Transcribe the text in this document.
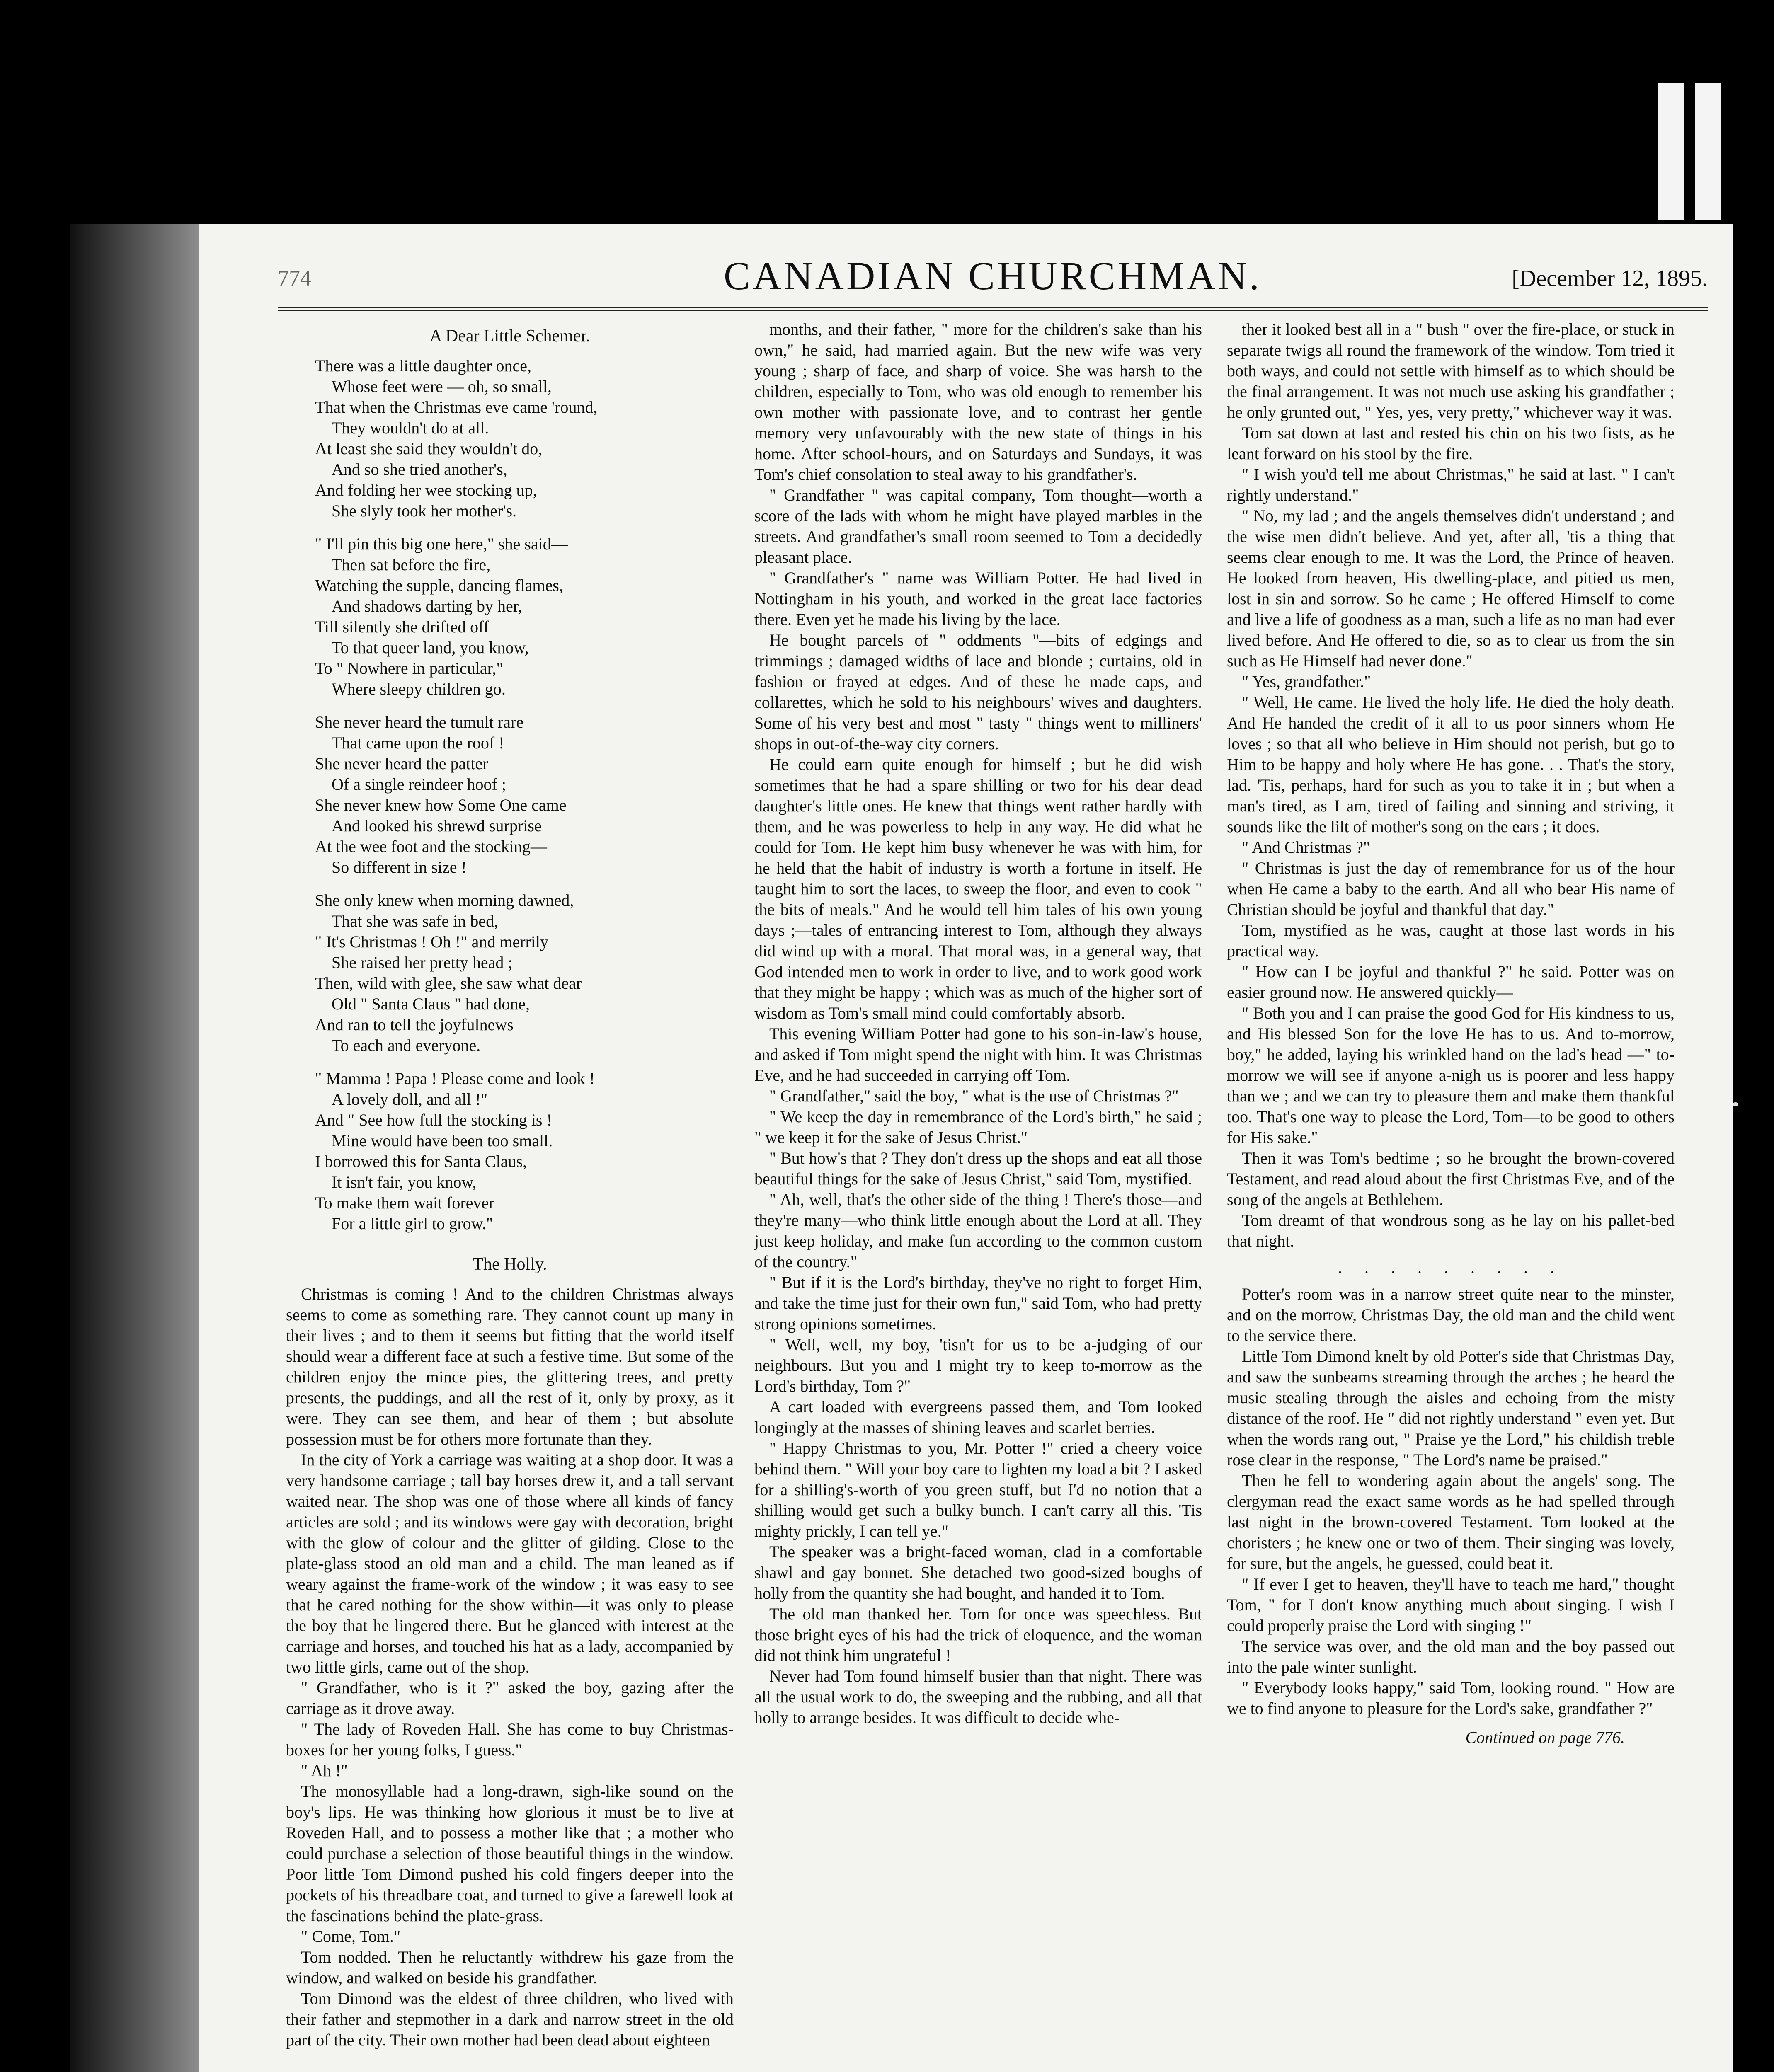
774	CANADIAN CHURCHMAN.	[December 12, 1895.
A Dear Little Schemer.
There was a little daughter once,
Whose feet were — oh, so small,
That when the Christmas eve came 'round,
They wouldn't do at all.
At least she said they wouldn't do,
And so she tried another's,
And folding her wee stocking up,
She slyly took her mother's.
" I'll pin this big one here," she said—
Then sat before the fire,
Watching the supple, dancing flames,
And shadows darting by her,
Till silently she drifted off
To that queer land, you know,
To " Nowhere in particular,"
Where sleepy children go.
She never heard the tumult rare
That came upon the roof !
She never heard the patter
Of a single reindeer hoof ;
She never knew how Some One came
And looked his shrewd surprise
At the wee foot and the stocking—
So different in size !
She only knew when morning dawned,
That she was safe in bed,
" It's Christmas ! Oh !" and merrily
She raised her pretty head ;
Then, wild with glee, she saw what dear
Old " Santa Claus " had done,
And ran to tell the joyfulnews
To each and everyone.
" Mamma ! Papa ! Please come and look !
A lovely doll, and all !"
And " See how full the stocking is !
Mine would have been too small.
I borrowed this for Santa Claus,
It isn't fair, you know,
To make them wait forever
For a little girl to grow."
The Holly.

Christmas is coming ! And to the children Christmas always seems to come as something rare. They cannot count up many in their lives ; and to them it seems but fitting that the world itself should wear a different face at such a festive time. But some of the children enjoy the mince pies, the glittering trees, and pretty presents, the puddings, and all the rest of it, only by proxy, as it were. They can see them, and hear of them ; but absolute possession must be for others more fortunate than they.

In the city of York a carriage was waiting at a shop door. It was a very handsome carriage ; tall bay horses drew it, and a tall servant waited near. The shop was one of those where all kinds of fancy articles are sold ; and its windows were gay with decoration, bright with the glow of colour and the glitter of gilding. Close to the plate-glass stood an old man and a child. The man leaned as if weary against the frame-work of the window ; it was easy to see that he cared nothing for the show within—it was only to please the boy that he lingered there. But he glanced with interest at the carriage and horses, and touched his hat as a lady, accompanied by two little girls, came out of the shop.

" Grandfather, who is it ?" asked the boy, gazing after the carriage as it drove away.

" The lady of Roveden Hall. She has come to buy Christmas-boxes for her young folks, I guess."

" Ah !"

The monosyllable had a long-drawn, sigh-like sound on the boy's lips. He was thinking how glorious it must be to live at Roveden Hall, and to possess a mother like that ; a mother who could purchase a selection of those beautiful things in the window. Poor little Tom Dimond pushed his cold fingers deeper into the pockets of his threadbare coat, and turned to give a farewell look at the fascinations behind the plate-grass.

" Come, Tom."

Tom nodded. Then he reluctantly withdrew his gaze from the window, and walked on beside his grandfather.

Tom Dimond was the eldest of three children, who lived with their father and stepmother in a dark and narrow street in the old part of the city. Their own mother had been dead about eighteen

months, and their father, " more for the children's sake than his own," he said, had married again. But the new wife was very young ; sharp of face, and sharp of voice. She was harsh to the children, especially to Tom, who was old enough to remember his own mother with passionate love, and to contrast her gentle memory very unfavourably with the new state of things in his home. After school-hours, and on Saturdays and Sundays, it was Tom's chief consolation to steal away to his grandfather's.

" Grandfather " was capital company, Tom thought—worth a score of the lads with whom he might have played marbles in the streets. And grandfather's small room seemed to Tom a decidedly pleasant place.

" Grandfather's " name was William Potter. He had lived in Nottingham in his youth, and worked in the great lace factories there. Even yet he made his living by the lace.

He bought parcels of " oddments "—bits of edgings and trimmings ; damaged widths of lace and blonde ; curtains, old in fashion or frayed at edges. And of these he made caps, and collarettes, which he sold to his neighbours' wives and daughters. Some of his very best and most " tasty " things went to milliners' shops in out-of-the-way city corners.

He could earn quite enough for himself ; but he did wish sometimes that he had a spare shilling or two for his dear dead daughter's little ones. He knew that things went rather hardly with them, and he was powerless to help in any way. He did what he could for Tom. He kept him busy whenever he was with him, for he held that the habit of industry is worth a fortune in itself. He taught him to sort the laces, to sweep the floor, and even to cook " the bits of meals." And he would tell him tales of his own young days ;—tales of entrancing interest to Tom, although they always did wind up with a moral. That moral was, in a general way, that God intended men to work in order to live, and to work good work that they might be happy ; which was as much of the higher sort of wisdom as Tom's small mind could comfortably absorb.

This evening William Potter had gone to his son-in-law's house, and asked if Tom might spend the night with him. It was Christmas Eve, and he had succeeded in carrying off Tom.

" Grandfather," said the boy, " what is the use of Christmas ?"

" We keep the day in remembrance of the Lord's birth," he said ; " we keep it for the sake of Jesus Christ."

" But how's that ? They don't dress up the shops and eat all those beautiful things for the sake of Jesus Christ," said Tom, mystified.

" Ah, well, that's the other side of the thing ! There's those—and they're many—who think little enough about the Lord at all. They just keep holiday, and make fun according to the common custom of the country."

" But if it is the Lord's birthday, they've no right to forget Him, and take the time just for their own fun," said Tom, who had pretty strong opinions sometimes.

" Well, well, my boy, 'tisn't for us to be a-judging of our neighbours. But you and I might try to keep to-morrow as the Lord's birthday, Tom ?"

A cart loaded with evergreens passed them, and Tom looked longingly at the masses of shining leaves and scarlet berries.

" Happy Christmas to you, Mr. Potter !" cried a cheery voice behind them. " Will your boy care to lighten my load a bit ? I asked for a shilling's-worth of you green stuff, but I'd no notion that a shilling would get such a bulky bunch. I can't carry all this. 'Tis mighty prickly, I can tell ye."

The speaker was a bright-faced woman, clad in a comfortable shawl and gay bonnet. She detached two good-sized boughs of holly from the quantity she had bought, and handed it to Tom.

The old man thanked her. Tom for once was speechless. But those bright eyes of his had the trick of eloquence, and the woman did not think him ungrateful !

Never had Tom found himself busier than that night. There was all the usual work to do, the sweeping and the rubbing, and all that holly to arrange besides. It was difficult to decide whe-

ther it looked best all in a " bush " over the fire-place, or stuck in separate twigs all round the framework of the window. Tom tried it both ways, and could not settle with himself as to which should be the final arrangement. It was not much use asking his grandfather ; he only grunted out, " Yes, yes, very pretty," whichever way it was.

Tom sat down at last and rested his chin on his two fists, as he leant forward on his stool by the fire.

" I wish you'd tell me about Christmas," he said at last. " I can't rightly understand."

" No, my lad ; and the angels themselves didn't understand ; and the wise men didn't believe. And yet, after all, 'tis a thing that seems clear enough to me. It was the Lord, the Prince of heaven. He looked from heaven, His dwelling-place, and pitied us men, lost in sin and sorrow. So he came ; He offered Himself to come and live a life of goodness as a man, such a life as no man had ever lived before. And He offered to die, so as to clear us from the sin such as He Himself had never done."

" Yes, grandfather."

" Well, He came. He lived the holy life. He died the holy death. And He handed the credit of it all to us poor sinners whom He loves ; so that all who believe in Him should not perish, but go to Him to be happy and holy where He has gone. . . That's the story, lad. 'Tis, perhaps, hard for such as you to take it in ; but when a man's tired, as I am, tired of failing and sinning and striving, it sounds like the lilt of mother's song on the ears ; it does.

" And Christmas ?"

" Christmas is just the day of remembrance for us of the hour when He came a baby to the earth. And all who bear His name of Christian should be joyful and thankful that day."

Tom, mystified as he was, caught at those last words in his practical way.

" How can I be joyful and thankful ?" he said. Potter was on easier ground now. He answered quickly—

" Both you and I can praise the good God for His kindness to us, and His blessed Son for the love He has to us. And to-morrow, boy," he added, laying his wrinkled hand on the lad's head —" to-morrow we will see if anyone a-nigh us is poorer and less happy than we ; and we can try to pleasure them and make them thankful too. That's one way to please the Lord, Tom—to be good to others for His sake."

Then it was Tom's bedtime ; so he brought the brown-covered Testament, and read aloud about the first Christmas Eve, and of the song of the angels at Bethlehem.

Tom dreamt of that wondrous song as he lay on his pallet-bed that night.

. . . . . . . . .

Potter's room was in a narrow street quite near to the minster, and on the morrow, Christmas Day, the old man and the child went to the service there.

Little Tom Dimond knelt by old Potter's side that Christmas Day, and saw the sunbeams streaming through the arches ; he heard the music stealing through the aisles and echoing from the misty distance of the roof. He " did not rightly understand " even yet. But when the words rang out, " Praise ye the Lord," his childish treble rose clear in the response, " The Lord's name be praised."

Then he fell to wondering again about the angels' song. The clergyman read the exact same words as he had spelled through last night in the brown-covered Testament. Tom looked at the choristers ; he knew one or two of them. Their singing was lovely, for sure, but the angels, he guessed, could beat it.

" If ever I get to heaven, they'll have to teach me hard," thought Tom, " for I don't know anything much about singing. I wish I could properly praise the Lord with singing !"

The service was over, and the old man and the boy passed out into the pale winter sunlight.

" Everybody looks happy," said Tom, looking round. " How are we to find anyone to pleasure for the Lord's sake, grandfather ?"

Continued on page 776.
